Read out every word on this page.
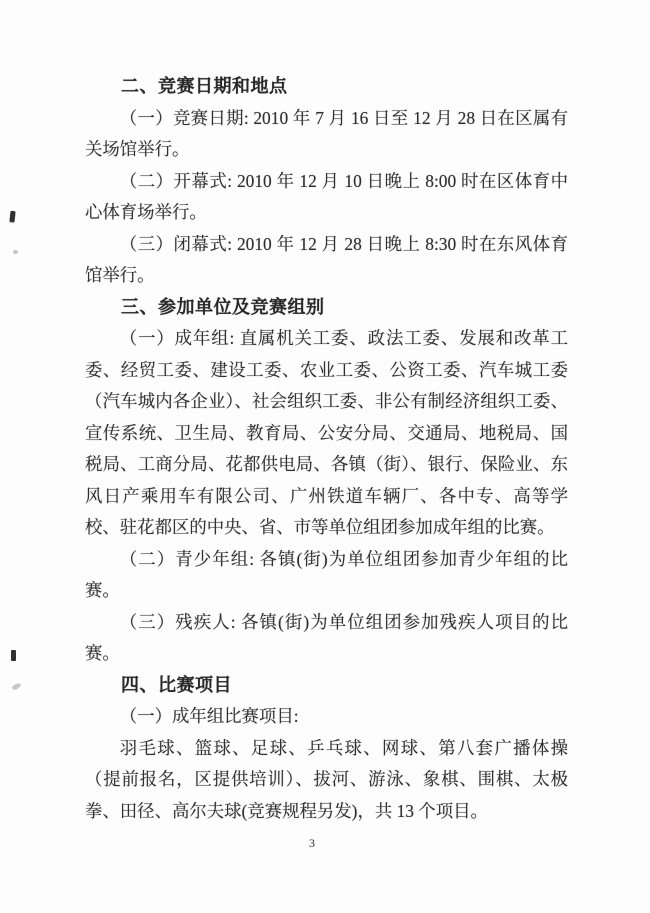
二、竞赛日期和地点

（一）竞赛日期: 2010 年 7 月 16 日至 12 月 28 日在区属有关场馆举行。

（二）开幕式: 2010 年 12 月 10 日晚上 8:00 时在区体育中心体育场举行。

（三）闭幕式: 2010 年 12 月 28 日晚上 8:30 时在东风体育馆举行。

三、参加单位及竞赛组别

（一）成年组: 直属机关工委、政法工委、发展和改革工委、经贸工委、建设工委、农业工委、公资工委、汽车城工委（汽车城内各企业）、社会组织工委、非公有制经济组织工委、宣传系统、卫生局、教育局、公安分局、交通局、地税局、国税局、工商分局、花都供电局、各镇（街）、银行、保险业、东风日产乘用车有限公司、广州铁道车辆厂、各中专、高等学校、驻花都区的中央、省、市等单位组团参加成年组的比赛。

（二）青少年组: 各镇(街)为单位组团参加青少年组的比赛。

（三）残疾人: 各镇(街)为单位组团参加残疾人项目的比赛。

四、比赛项目

（一）成年组比赛项目:

羽毛球、篮球、足球、乒乓球、网球、第八套广播体操（提前报名，区提供培训）、拔河、游泳、象棋、围棋、太极拳、田径、高尔夫球(竞赛规程另发)，共 13 个项目。

3
